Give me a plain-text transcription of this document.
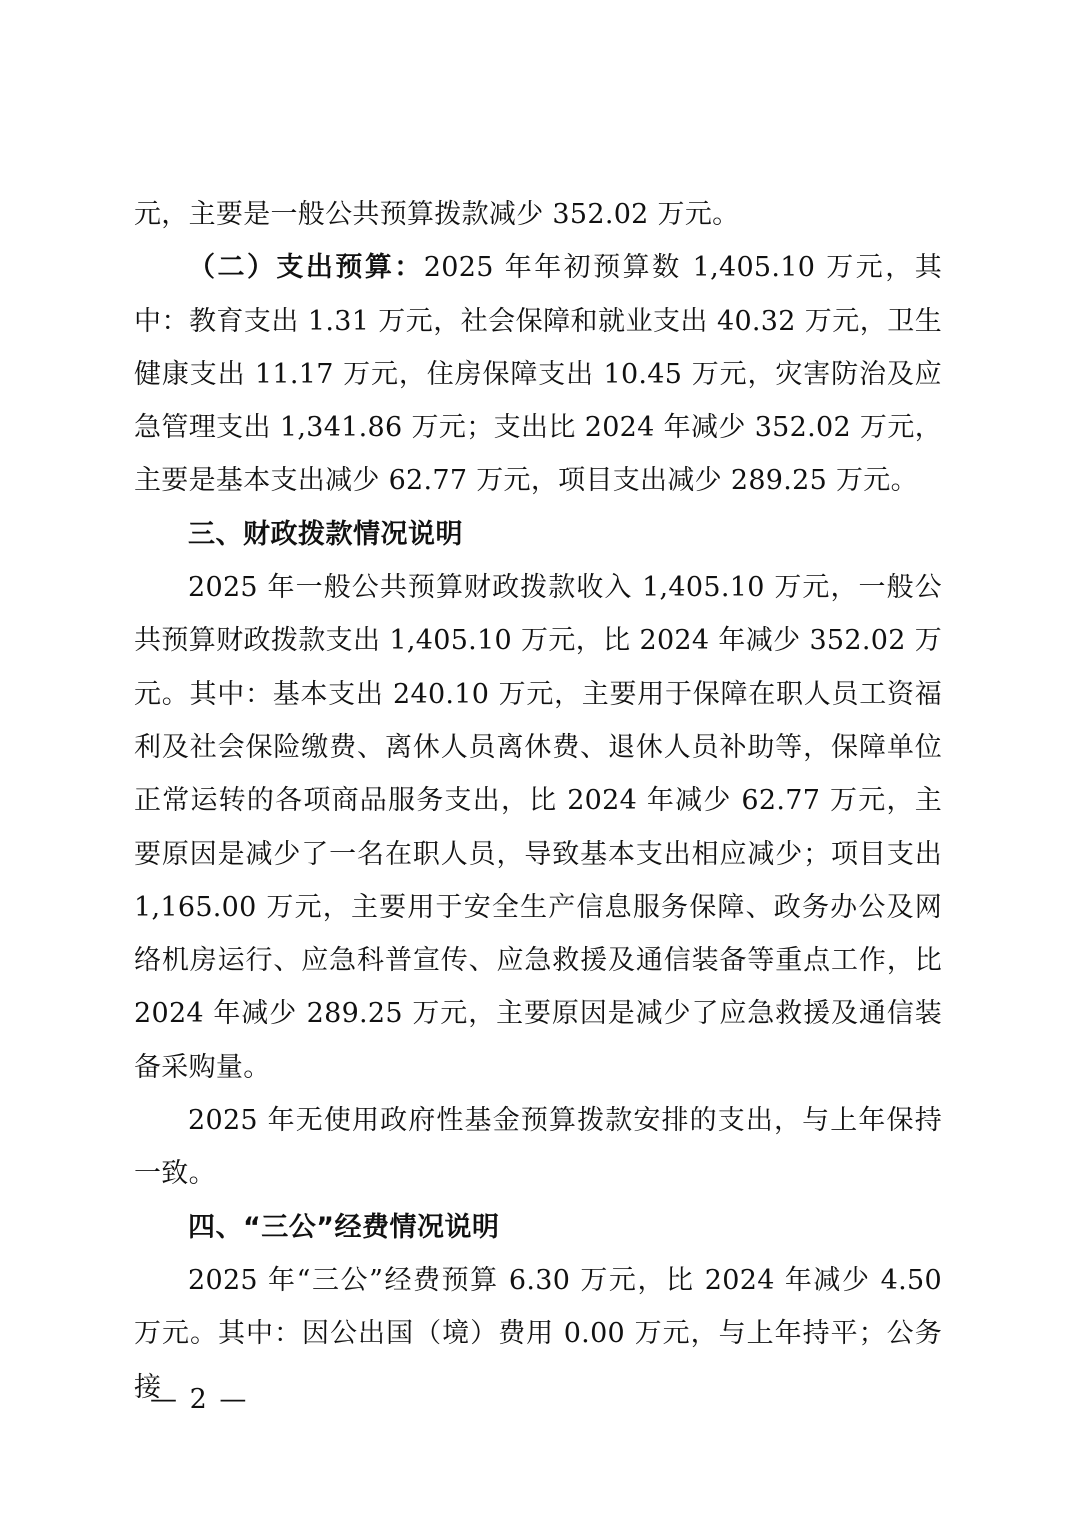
元，主要是一般公共预算拨款减少 352.02 万元。

（二）支出预算：2025 年年初预算数 1,405.10 万元，其中：教育支出 1.31 万元，社会保障和就业支出 40.32 万元，卫生健康支出 11.17 万元，住房保障支出 10.45 万元，灾害防治及应急管理支出 1,341.86 万元；支出比 2024 年减少 352.02 万元，主要是基本支出减少 62.77 万元，项目支出减少 289.25 万元。

三、财政拨款情况说明

2025 年一般公共预算财政拨款收入 1,405.10 万元，一般公共预算财政拨款支出 1,405.10 万元，比 2024 年减少 352.02 万元。其中：基本支出 240.10 万元，主要用于保障在职人员工资福利及社会保险缴费、离休人员离休费、退休人员补助等，保障单位正常运转的各项商品服务支出，比 2024 年减少 62.77 万元，主要原因是减少了一名在职人员，导致基本支出相应减少；项目支出 1,165.00 万元，主要用于安全生产信息服务保障、政务办公及网络机房运行、应急科普宣传、应急救援及通信装备等重点工作，比 2024 年减少 289.25 万元，主要原因是减少了应急救援及通信装备采购量。

2025 年无使用政府性基金预算拨款安排的支出，与上年保持一致。

四、“三公”经费情况说明

2025 年“三公”经费预算 6.30 万元，比 2024 年减少 4.50 万元。其中：因公出国（境）费用 0.00 万元，与上年持平；公务接

— 2 —
